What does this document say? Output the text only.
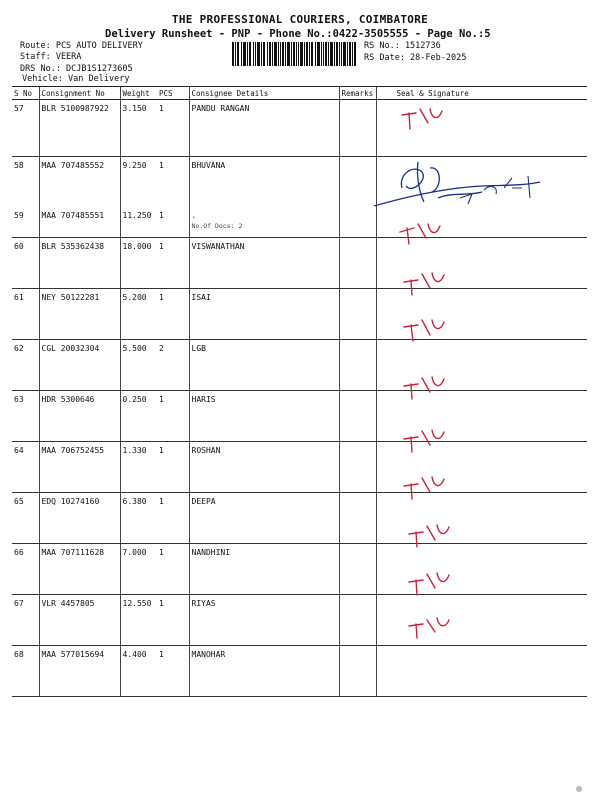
THE PROFESSIONAL COURIERS, COIMBATORE
Delivery Runsheet - PNP - Phone No.:0422-3505555 - Page No.:5
Route: PCS AUTO DELIVERY
Staff: VEERA
DRS No.: DCJB1S1273605
Vehicle: Van Delivery
RS No.: 1512736
RS Date: 28-Feb-2025
S No	Consignment No	Weight	PCS	Consignee Details	Remarks	Seal & Signature
57	BLR 5100987922	3.150	1	PANDU RANGAN		
58	MAA 707485552	9.250	1	BHUVANA		
59	MAA 707485551	11.250	1	.
No.Of Docs: 2		

60	BLR 535362438	18.000	1	VISWANATHAN		
61	NEY 50122281	5.200	1	ISAI		
62	CGL 20032304	5.500	2	LGB		
63	HDR 5300646	0.250	1	HARIS		
64	MAA 706752455	1.330	1	ROSHAN		
65	EDQ 10274160	6.380	1	DEEPA		
66	MAA 707111628	7.000	1	NANDHINI		
67	VLR 4457805	12.550	1	RIYAS		
68	MAA 577015694	4.400	1	MANOHAR		
